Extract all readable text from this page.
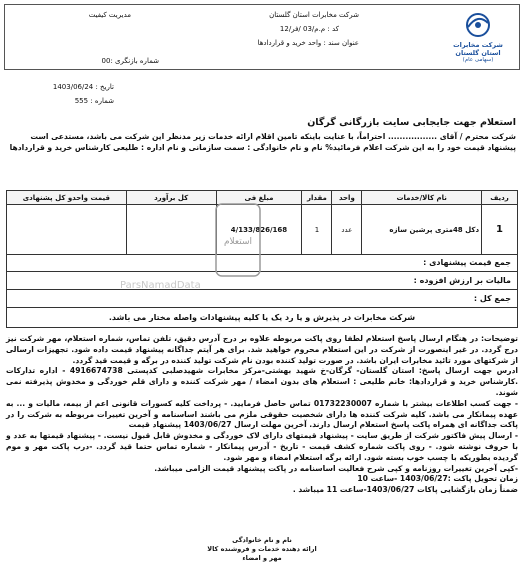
شرکت مخابرات استان گلستان
(سهامی عام)
شرکت مخابرات استان گلستان
مدیریت کیفیت
کد : م.م/03 /فر/12
عنوان سند : واحد خرید و قراردادها
شماره بازنگری :00
تاریخ : 1403/06/24
شماره : 555
استعلام جهت جایجابی سایت بازرگانی گرگان
شرکت محترم / آقای ................. احتراماً، با عنایت باینکه تامین اقلام ارائه خدمات زیر مدنظر این شرکت می باشد، مستدعی است پیشنهاد قیمت خود را به این شرکت اعلام فرمائید% نام و نام خانوادگی : سمت سازمانی و نام اداره : طلیعی کارشناس خرید و قراردادها
ردیف	نام کالا/خدمات	واحد	مقدار	مبلغ فی	کل برآورد	قیمت واحدو کل پشنهادی
1	دکل 48متری پرشین سازه	عدد	1	4/133/826/168		
جمع قیمت پیشنهادی :
مالیات بر ارزش افزوده :
جمع کل :
شرکت مخابرات در پذیرش و یا رد یک یا کلیه پیشنهادات واصله مختار می باشد.
استعلام
ParsNamadData

توضیحات: در هنگام ارسال پاسخ استعلام لطفا روی پاکت مربوطه علاوه بر درج آدرس دقیق، تلفن تماس، شماره استعلام، مهر شرکت نیز درج گردد. در غیر اینصورت از شرکت در این استعلام محروم خواهید شد. برای هر آیتم جداگانه پیشنهاد قیمت داده شود. تجهیزات ارسالی از شرکتهای مورد تائید مخابرات ایران باشد. در صورت تولید کننده بودن نام شرکت تولید کننده در برگه و قیمت قید گردد.

ادرس جهت ارسال پاسخ: استان گلستان- گرگان-خ شهید بهشتی-مرکز مخابرات شهیدصلبی کدپستی 4916674738 - اداره تدارکات .کارشناس خرید و قراردادها: خانم طلیعی : استعلام های بدون امضاء / مهر شرکت کننده و دارای قلم خوردگی و مخدوش پذیرفته نمی شوند.

- جهت کسب اطلاعات بیشتر با شماره 01732230007 تماس حاصل فرمایید. - پرداخت کلیه کسورات قانونی اعم از بیمه، مالیات و ... به عهده پیمانکار می باشد. کلیه شرکت کننده ها دارای شخصیت حقوقی ملزم می باشند اساسنامه و آخرین تغییرات مربوطه به شرکت را در پاکت جداگانه ای همراه پاکت پاسخ استعلام ارسال دارند. آخرین مهلت ارسال 1403/06/27 پیشنهاد قیمت

- ارسال پیش فاکتور شرکت از طریق سایت - پیشنهاد قیمتهای دارای لاک خوردگی و مخدوش قابل قبول نیست. - پیشنهاد قیمتها به عدد و با حروف نوشته شود. - روی پاکت شماره کشف قیمت - تاریخ - آدرس پیمانکار - شماره تماس حتما قید گردد. -درب پاکت مهر و موم گردیده بطوریکه با چسب خوب بسته شود. ارائه برگه استعلام امضاء و مهر شود.

-کپی آخرین تغییرات روزنامه و کپی شرح فعالیت اساسنامه در پاکت پیشنهاد قیمت الزامی میباشد.

زمان تحویل پاکت :1403/06/27 -ساعت 10

ضمناً زمان بازگشایی پاکات 1403/06/27-ساعت 11 میباشد .

نام و نام خانوادگی
ارائه دهنده خدمات و فروشنده کالا
مهر و امضاء
